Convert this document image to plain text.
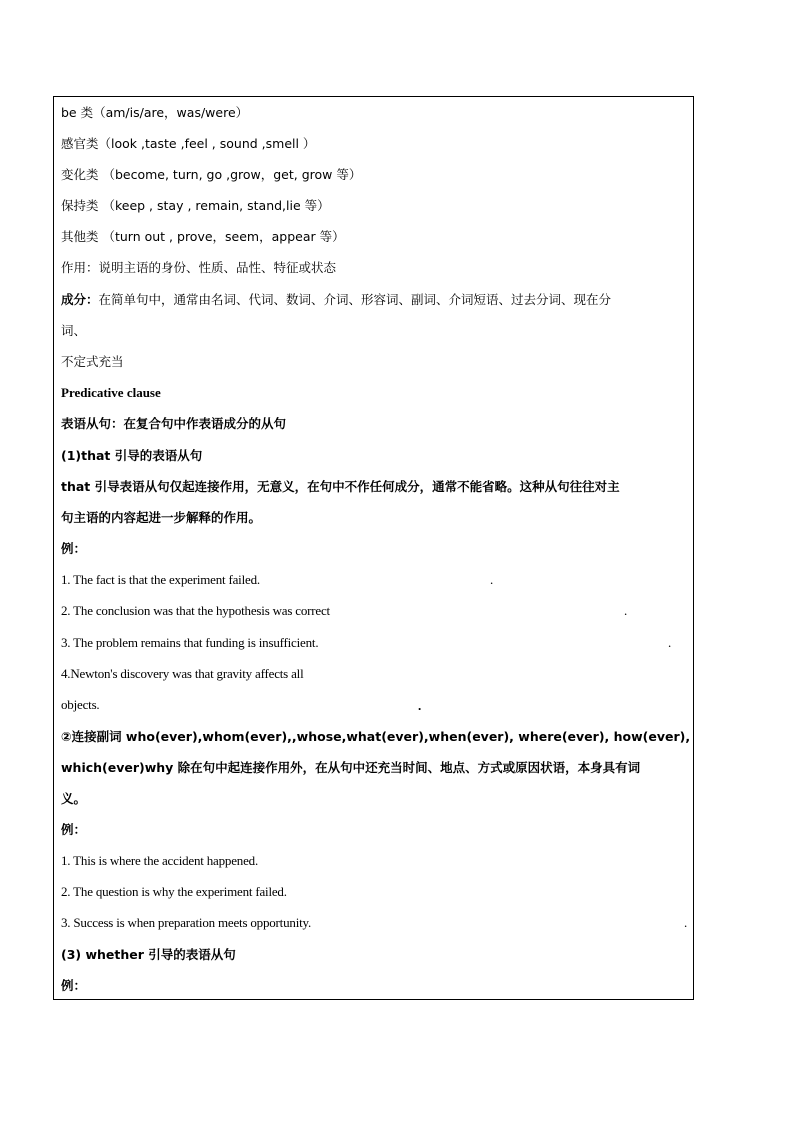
be 类（am/is/are，was/were）
感官类（look ,taste ,feel , sound ,smell ）
变化类 （become, turn, go ,grow，get, grow 等）
保持类 （keep , stay , remain, stand,lie 等）
其他类 （turn out , prove，seem，appear 等）
作用：说明主语的身份、性质、品性、特征或状态
成分：在简单句中，通常由名词、代词、数词、介词、形容词、副词、介词短语、过去分词、现在分
词、
不定式充当
Predicative clause
表语从句：在复合句中作表语成分的从句
(1)that 引导的表语从句
that 引导表语从句仅起连接作用，无意义，在句中不作任何成分，通常不能省略。这种从句往往对主
句主语的内容起进一步解释的作用。
例：
1. The fact is that the experiment failed.
2. The conclusion was that the hypothesis was correct
3. The problem remains that funding is insufficient.
4.Newton's discovery was that gravity affects all
objects.
②连接副词 who(ever),whom(ever),,whose,what(ever),when(ever), where(ever), how(ever),
which(ever)why 除在句中起连接作用外，在从句中还充当时间、地点、方式或原因状语，本身具有词
义。
例：
1. This is where the accident happened.
2. The question is why the experiment failed.
3. Success is when preparation meets opportunity.
(3) whether 引导的表语从句
例：
.
.
.
.
.
